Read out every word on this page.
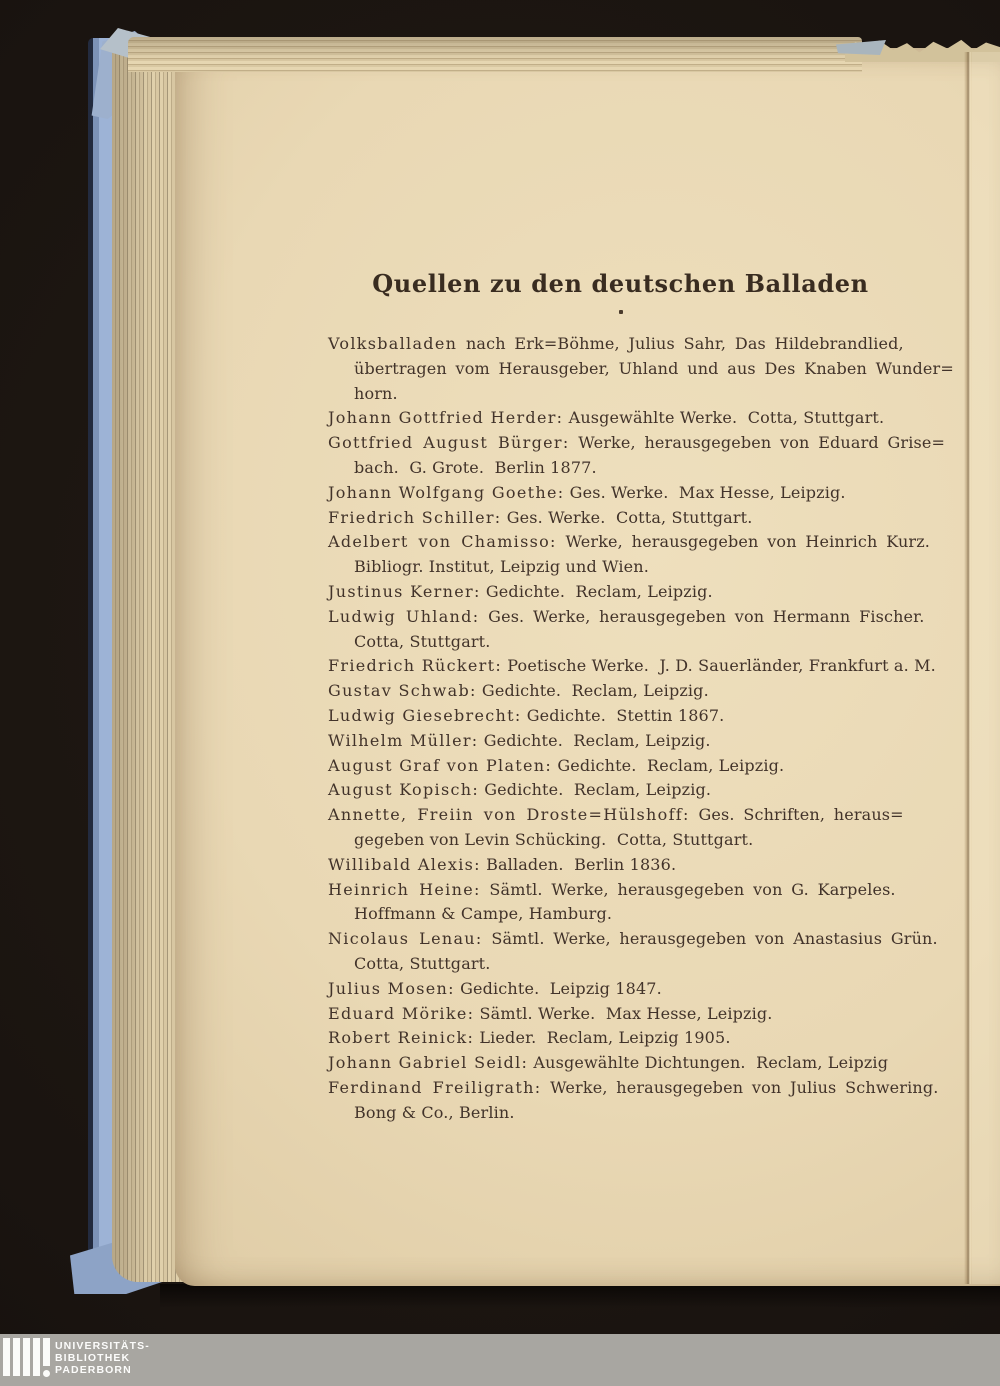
Quellen zu den deutschen Balladen
Volksballaden nach Erk=Böhme, Julius Sahr, Das Hildebrandlied,
übertragen vom Herausgeber, Uhland und aus Des Knaben Wunder=
horn.
Johann Gottfried Herder: Ausgewählte Werke.  Cotta, Stuttgart.
Gottfried August Bürger: Werke, herausgegeben von Eduard Grise=
bach.  G. Grote.  Berlin 1877.
Johann Wolfgang Goethe: Ges. Werke.  Max Hesse, Leipzig.
Friedrich Schiller: Ges. Werke.  Cotta, Stuttgart.
Adelbert von Chamisso: Werke, herausgegeben von Heinrich Kurz.
Bibliogr. Institut, Leipzig und Wien.
Justinus Kerner: Gedichte.  Reclam, Leipzig.
Ludwig Uhland: Ges. Werke, herausgegeben von Hermann Fischer.
Cotta, Stuttgart.
Friedrich Rückert: Poetische Werke.  J. D. Sauerländer, Frankfurt a. M.
Gustav Schwab: Gedichte.  Reclam, Leipzig.
Ludwig Giesebrecht: Gedichte.  Stettin 1867.
Wilhelm Müller: Gedichte.  Reclam, Leipzig.
August Graf von Platen: Gedichte.  Reclam, Leipzig.
August Kopisch: Gedichte.  Reclam, Leipzig.
Annette, Freiin von Droste=Hülshoff: Ges. Schriften, heraus=
gegeben von Levin Schücking.  Cotta, Stuttgart.
Willibald Alexis: Balladen.  Berlin 1836.
Heinrich Heine: Sämtl. Werke, herausgegeben von G. Karpeles.
Hoffmann & Campe, Hamburg.
Nicolaus Lenau: Sämtl. Werke, herausgegeben von Anastasius Grün.
Cotta, Stuttgart.
Julius Mosen: Gedichte.  Leipzig 1847.
Eduard Mörike: Sämtl. Werke.  Max Hesse, Leipzig.
Robert Reinick: Lieder.  Reclam, Leipzig 1905.
Johann Gabriel Seidl: Ausgewählte Dichtungen.  Reclam, Leipzig
Ferdinand Freiligrath: Werke, herausgegeben von Julius Schwering.
Bong & Co., Berlin.
UNIVERSITÄTS-
BIBLIOTHEK
PADERBORN
